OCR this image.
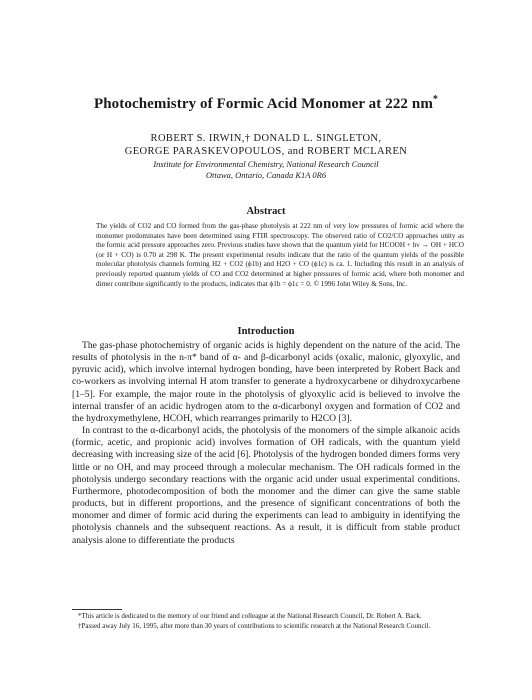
Photochemistry of Formic Acid Monomer at 222 nm*
ROBERT S. IRWIN,† DONALD L. SINGLETON,
GEORGE PARASKEVOPOULOS, and ROBERT MCLAREN
Institute for Environmental Chemistry, National Research Council
Ottawa, Ontario, Canada K1A 0R6
Abstract
The yields of CO2 and CO formed from the gas-phase photolysis at 222 nm of very low pressures of formic acid where the monomer predominates have been determined using FTIR spectroscopy. The observed ratio of CO2/CO approaches unity as the formic acid pressure approaches zero. Previous studies have shown that the quantum yield for HCOOH + hν → OH + HCO (or H + CO) is 0.70 at 298 K. The present experimental results indicate that the ratio of the quantum yields of the possible molecular photolysis channels forming H2 + CO2 (ϕ1b) and H2O + CO (ϕ1c) is ca. 1. Including this result in an analysis of previously reported quantum yields of CO and CO2 determined at higher pressures of formic acid, where both monomer and dimer contribute significantly to the products, indicates that ϕ1b = ϕ1c = 0. © 1996 John Wiley & Sons, Inc.
Introduction

The gas-phase photochemistry of organic acids is highly dependent on the nature of the acid. The results of photolysis in the n-π* band of α- and β-dicarbonyl acids (oxalic, malonic, glyoxylic, and pyruvic acid), which involve internal hydrogen bonding, have been interpreted by Robert Back and co-workers as involving internal H atom transfer to generate a hydroxycarbene or dihydroxycarbene [1–5]. For example, the major route in the photolysis of glyoxylic acid is believed to involve the internal transfer of an acidic hydrogen atom to the α-dicarbonyl oxygen and formation of CO2 and the hydroxymethylene, HCOH, which rearranges primarily to H2CO [3].

In contrast to the α-dicarbonyl acids, the photolysis of the monomers of the simple alkanoic acids (formic, acetic, and propionic acid) involves formation of OH radicals, with the quantum yield decreasing with increasing size of the acid [6]. Photolysis of the hydrogen bonded dimers forms very little or no OH, and may proceed through a molecular mechanism. The OH radicals formed in the photolysis undergo secondary reactions with the organic acid under usual experimental conditions. Furthermore, photodecomposition of both the monomer and the dimer can give the same stable products, but in different proportions, and the presence of significant concentrations of both the monomer and dimer of formic acid during the experiments can lead to ambiguity in identifying the photolysis channels and the subsequent reactions. As a result, it is difficult from stable product analysis alone to differentiate the products

*This article is dedicated to the memory of our friend and colleague at the National Research Council, Dr. Robert A. Back.

†Passed away July 16, 1995, after more than 30 years of contributions to scientific research at the National Research Council.
